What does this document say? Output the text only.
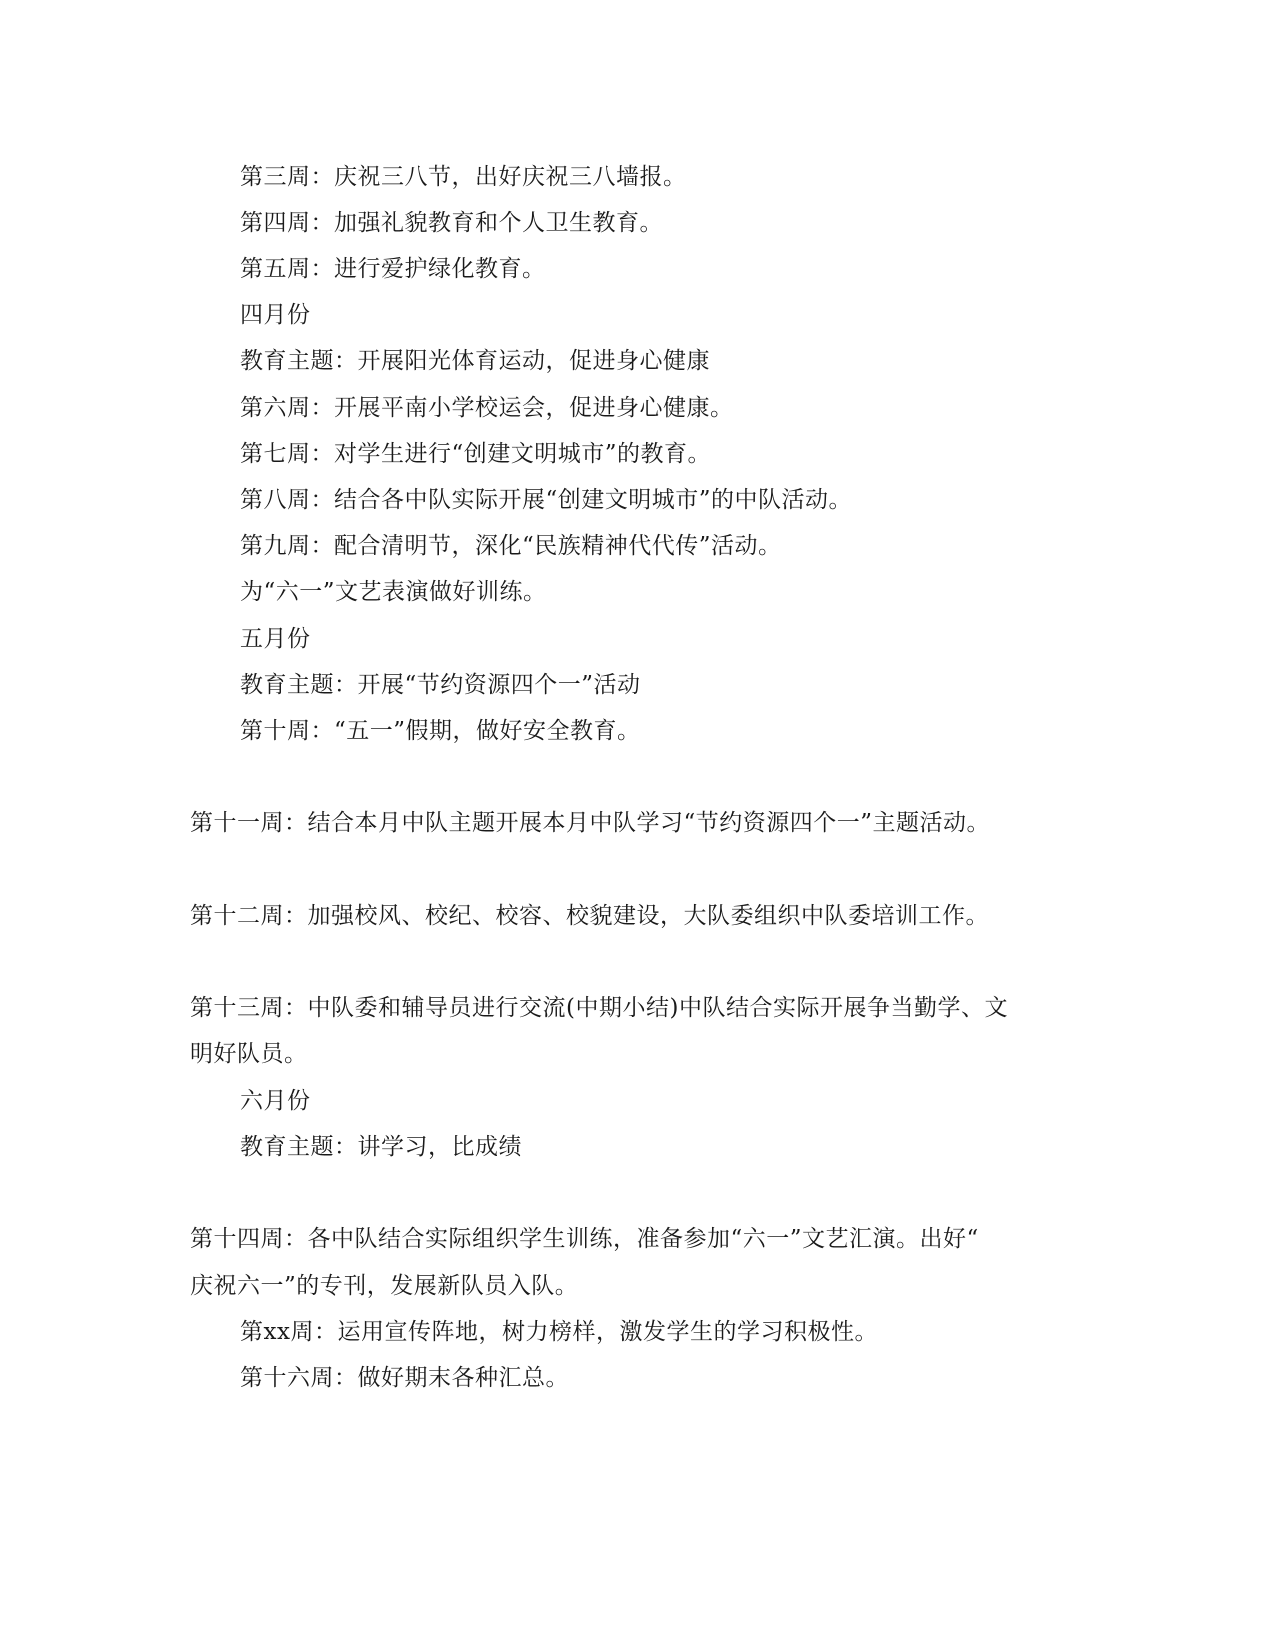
第三周：庆祝三八节，出好庆祝三八墙报。
第四周：加强礼貌教育和个人卫生教育。
第五周：进行爱护绿化教育。
四月份
教育主题：开展阳光体育运动，促进身心健康
第六周：开展平南小学校运会，促进身心健康。
第七周：对学生进行“创建文明城市”的教育。
第八周：结合各中队实际开展“创建文明城市”的中队活动。
第九周：配合清明节，深化“民族精神代代传”活动。
为“六一”文艺表演做好训练。
五月份
教育主题：开展“节约资源四个一”活动
第十周：“五一”假期，做好安全教育。
第十一周：结合本月中队主题开展本月中队学习“节约资源四个一”主题活动。
第十二周：加强校风、校纪、校容、校貌建设，大队委组织中队委培训工作。
第十三周：中队委和辅导员进行交流(中期小结)中队结合实际开展争当勤学、文
明好队员。
六月份
教育主题：讲学习，比成绩
第十四周：各中队结合实际组织学生训练，准备参加“六一”文艺汇演。出好“
庆祝六一”的专刊，发展新队员入队。
第xx周：运用宣传阵地，树力榜样，激发学生的学习积极性。
第十六周：做好期末各种汇总。
